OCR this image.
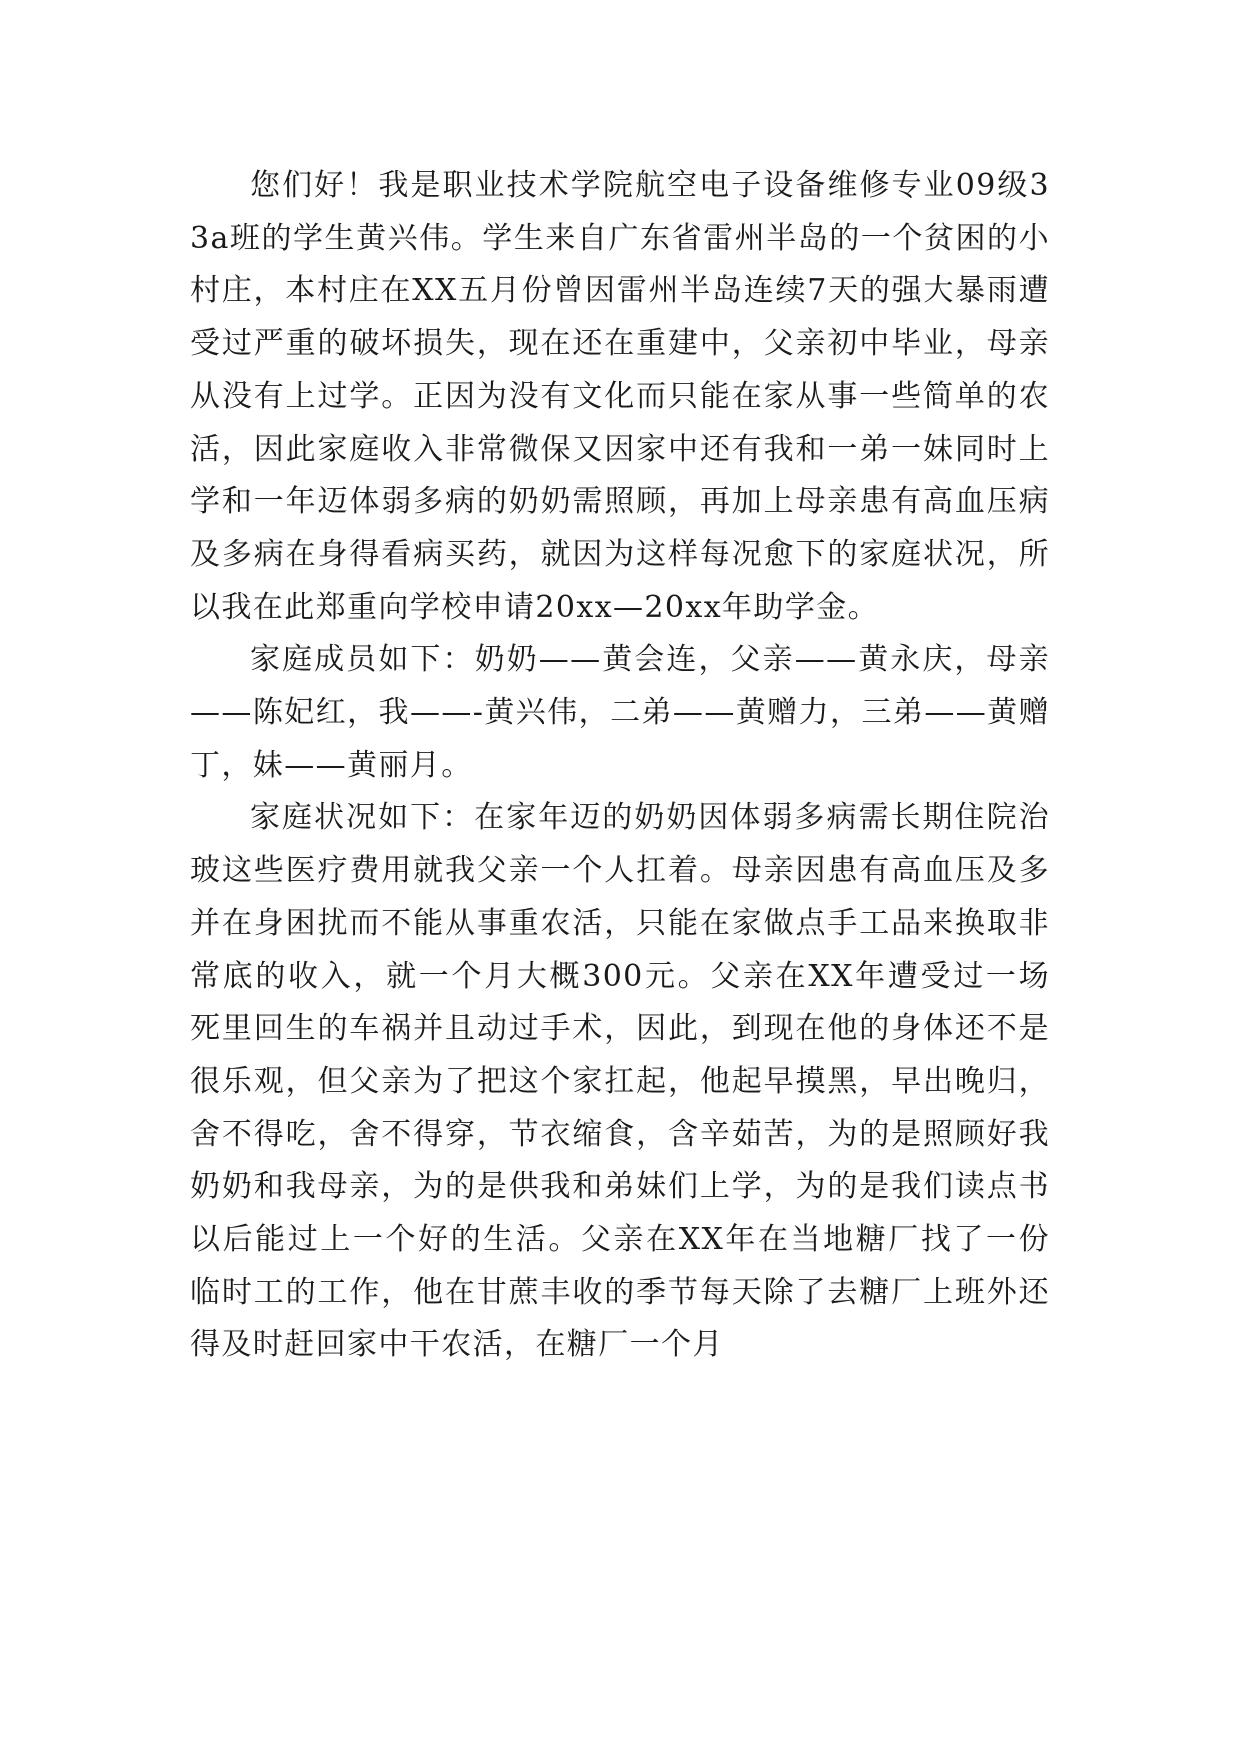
您们好！我是职业技术学院航空电子设备维修专业09级33a班的学生黄兴伟。学生来自广东省雷州半岛的一个贫困的小村庄，本村庄在XX五月份曾因雷州半岛连续7天的强大暴雨遭受过严重的破坏损失，现在还在重建中，父亲初中毕业，母亲从没有上过学。正因为没有文化而只能在家从事一些简单的农活，因此家庭收入非常微保又因家中还有我和一弟一妹同时上学和一年迈体弱多病的奶奶需照顾，再加上母亲患有高血压病及多病在身得看病买药，就因为这样每况愈下的家庭状况，所以我在此郑重向学校申请20xx—20xx年助学金。

家庭成员如下：奶奶——黄会连，父亲——黄永庆，母亲——陈妃红，我——-黄兴伟，二弟——黄赠力，三弟——黄赠丁，妹——黄丽月。

家庭状况如下：在家年迈的奶奶因体弱多病需长期住院治玻这些医疗费用就我父亲一个人扛着。母亲因患有高血压及多并在身困扰而不能从事重农活，只能在家做点手工品来换取非常底的收入，就一个月大概300元。父亲在XX年遭受过一场死里回生的车祸并且动过手术，因此，到现在他的身体还不是很乐观，但父亲为了把这个家扛起，他起早摸黑，早出晚归，舍不得吃，舍不得穿，节衣缩食，含辛茹苦，为的是照顾好我奶奶和我母亲，为的是供我和弟妹们上学，为的是我们读点书以后能过上一个好的生活。父亲在XX年在当地糖厂找了一份临时工的工作，他在甘蔗丰收的季节每天除了去糖厂上班外还得及时赶回家中干农活，在糖厂一个月
